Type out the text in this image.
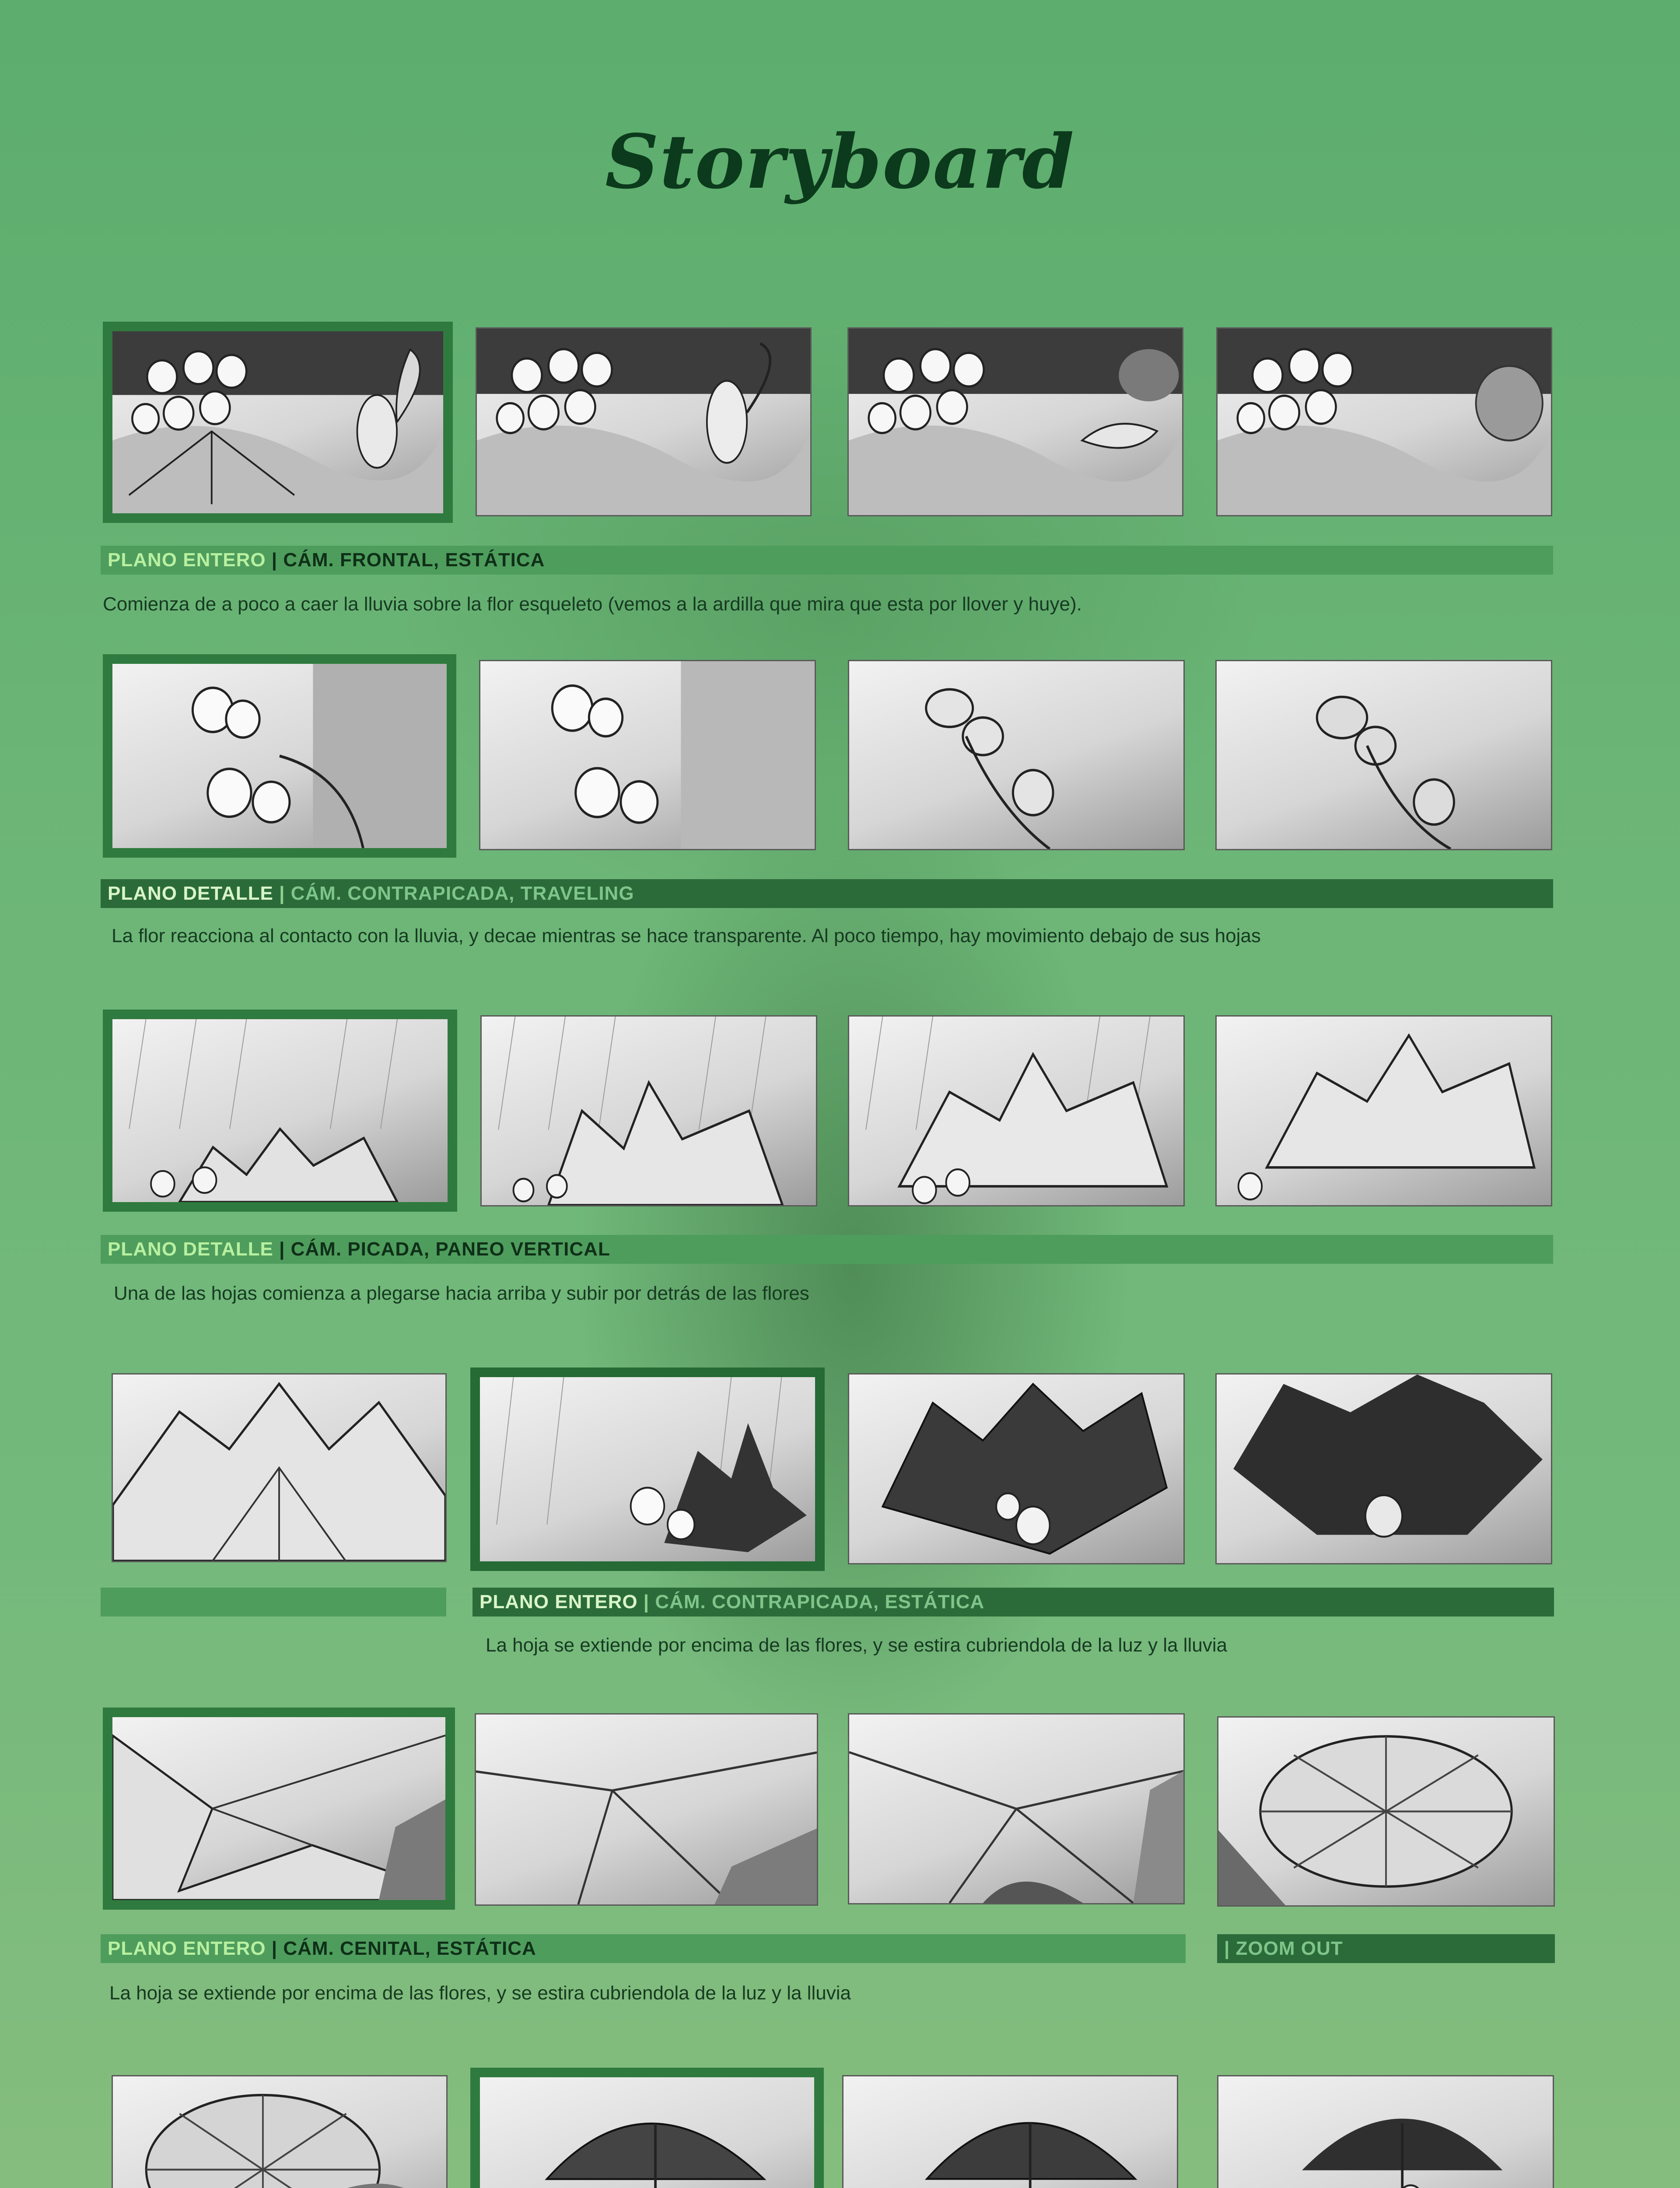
Storyboard
PLANO ENTERO | CÁM. FRONTAL, ESTÁTICA
Comienza de a poco a caer la lluvia sobre la flor esqueleto (vemos a la ardilla que mira que esta por llover y huye).
PLANO DETALLE | CÁM. CONTRAPICADA, TRAVELING
La flor reacciona al contacto con la lluvia, y decae mientras se hace transparente. Al poco tiempo, hay movimiento debajo de sus hojas
PLANO DETALLE | CÁM. PICADA, PANEO VERTICAL
Una de las hojas comienza a plegarse hacia arriba y subir por detrás de las flores
PLANO ENTERO | CÁM. CONTRAPICADA, ESTÁTICA
La hoja se extiende por encima de las flores, y se estira cubriendola de la luz y la lluvia
PLANO ENTERO | CÁM. CENITAL, ESTÁTICA	| ZOOM OUT
La hoja se extiende por encima de las flores, y se estira cubriendola de la luz y la lluvia
